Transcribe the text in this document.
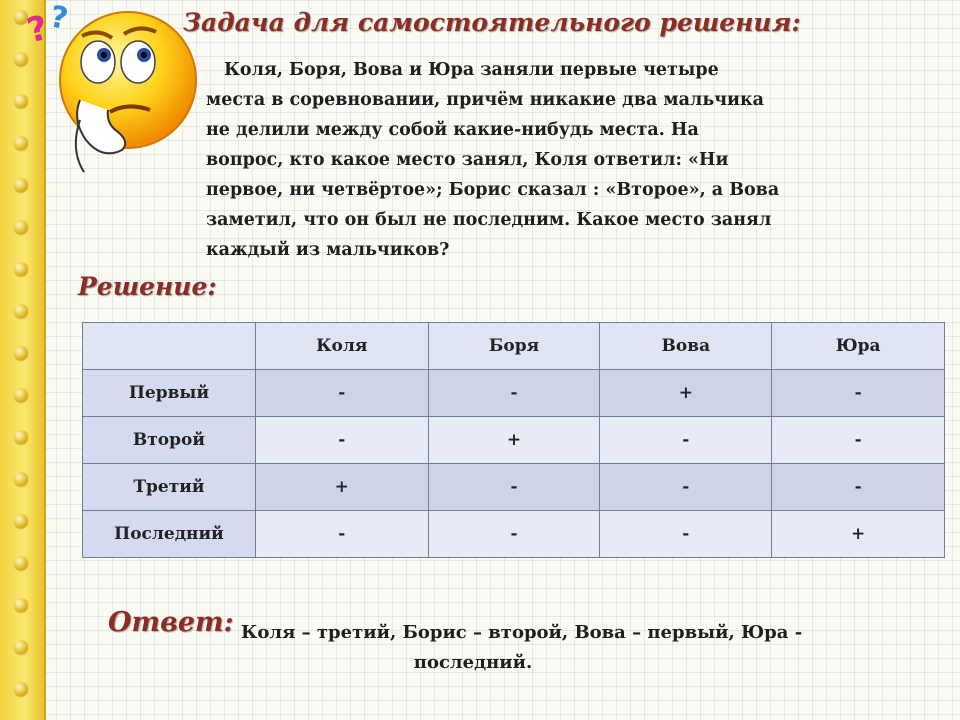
?
?	Задача для самостоятельного решения:
Коля, Боря, Вова и Юра заняли первые четыре
места в соревновании, причём никакие два мальчика
не делили между собой какие-нибудь места. На
вопрос, кто какое место занял, Коля ответил: «Ни
первое, ни четвёртое»; Борис сказал : «Второе», а Вова
заметил, что он был не последним. Какое место занял
каждый из мальчиков?
Решение:
	Коля	Боря	Вова	Юра
Первый	-	-	+	-
Второй	-	+	-	-
Третий	+	-	-	-
Последний	-	-	-	+
Ответ: Коля – третий, Борис – второй, Вова – первый, Юра -
последний.
